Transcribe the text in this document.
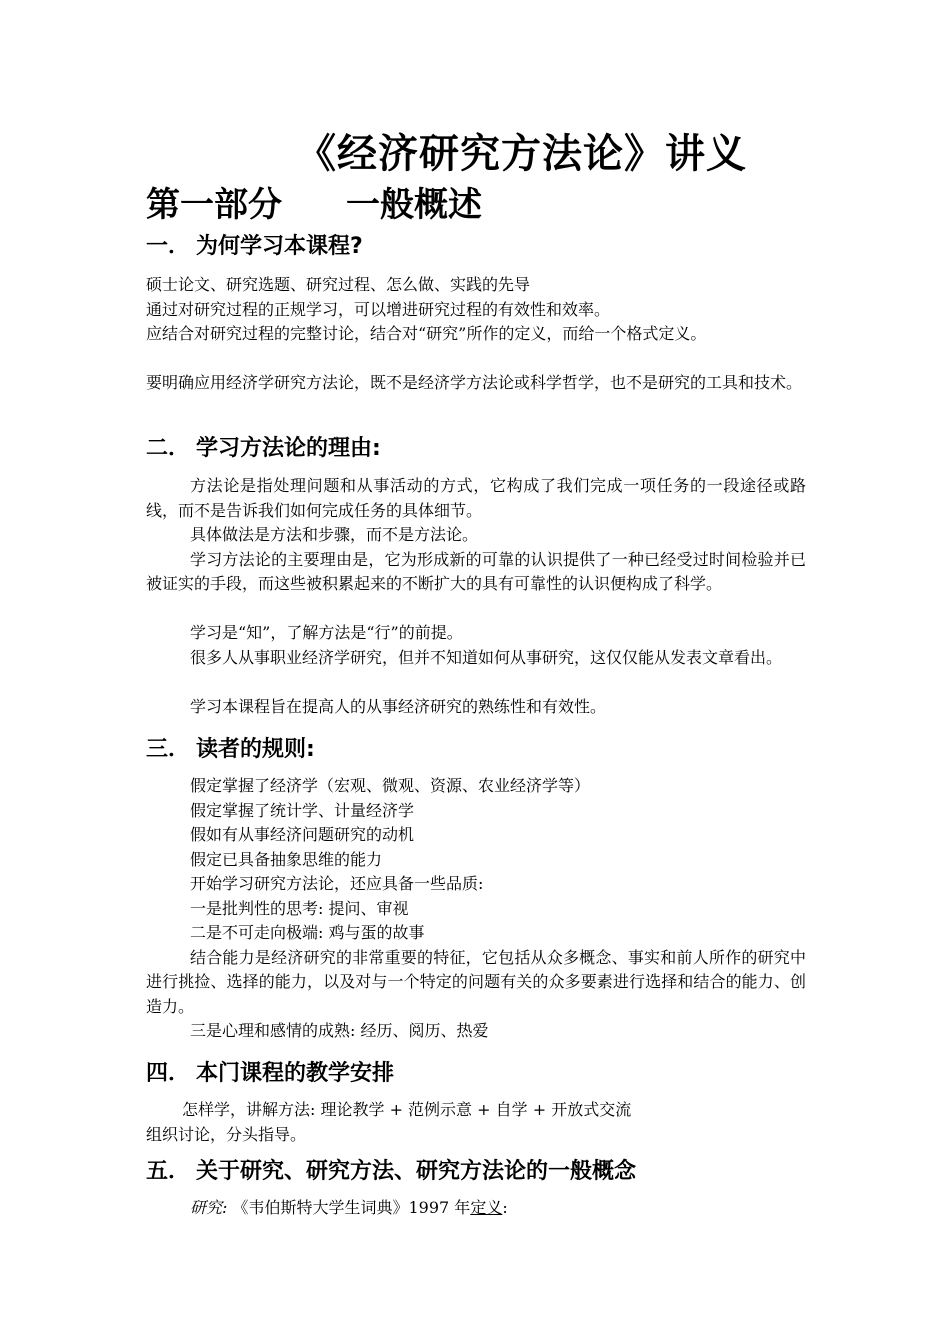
《经济研究方法论》讲义
第一部分 一般概述
一． 为何学习本课程?
硕士论文、研究选题、研究过程、怎么做、实践的先导
通过对研究过程的正规学习，可以增进研究过程的有效性和效率。
应结合对研究过程的完整讨论，结合对“研究”所作的定义，而给一个格式定义。
要明确应用经济学研究方法论，既不是经济学方法论或科学哲学，也不是研究的工具和技术。
二． 学习方法论的理由:
方法论是指处理问题和从事活动的方式，它构成了我们完成一项任务的一段途径或路线，而不是告诉我们如何完成任务的具体细节。
具体做法是方法和步骤，而不是方法论。
学习方法论的主要理由是，它为形成新的可靠的认识提供了一种已经受过时间检验并已被证实的手段，而这些被积累起来的不断扩大的具有可靠性的认识便构成了科学。
学习是“知”，了解方法是“行”的前提。
很多人从事职业经济学研究，但并不知道如何从事研究，这仅仅能从发表文章看出。
学习本课程旨在提高人的从事经济研究的熟练性和有效性。
三． 读者的规则:
假定掌握了经济学（宏观、微观、资源、农业经济学等）
假定掌握了统计学、计量经济学
假如有从事经济问题研究的动机
假定已具备抽象思维的能力
开始学习研究方法论，还应具备一些品质:
一是批判性的思考: 提问、审视
二是不可走向极端: 鸡与蛋的故事
结合能力是经济研究的非常重要的特征，它包括从众多概念、事实和前人所作的研究中进行挑捡、选择的能力，以及对与一个特定的问题有关的众多要素进行选择和结合的能力、创造力。
三是心理和感情的成熟: 经历、阅历、热爱
四． 本门课程的教学安排
怎样学，讲解方法: 理论教学 + 范例示意 + 自学 + 开放式交流
组织讨论，分头指导。
五． 关于研究、研究方法、研究方法论的一般概念
研究: 《韦伯斯特大学生词典》1997 年定义:
